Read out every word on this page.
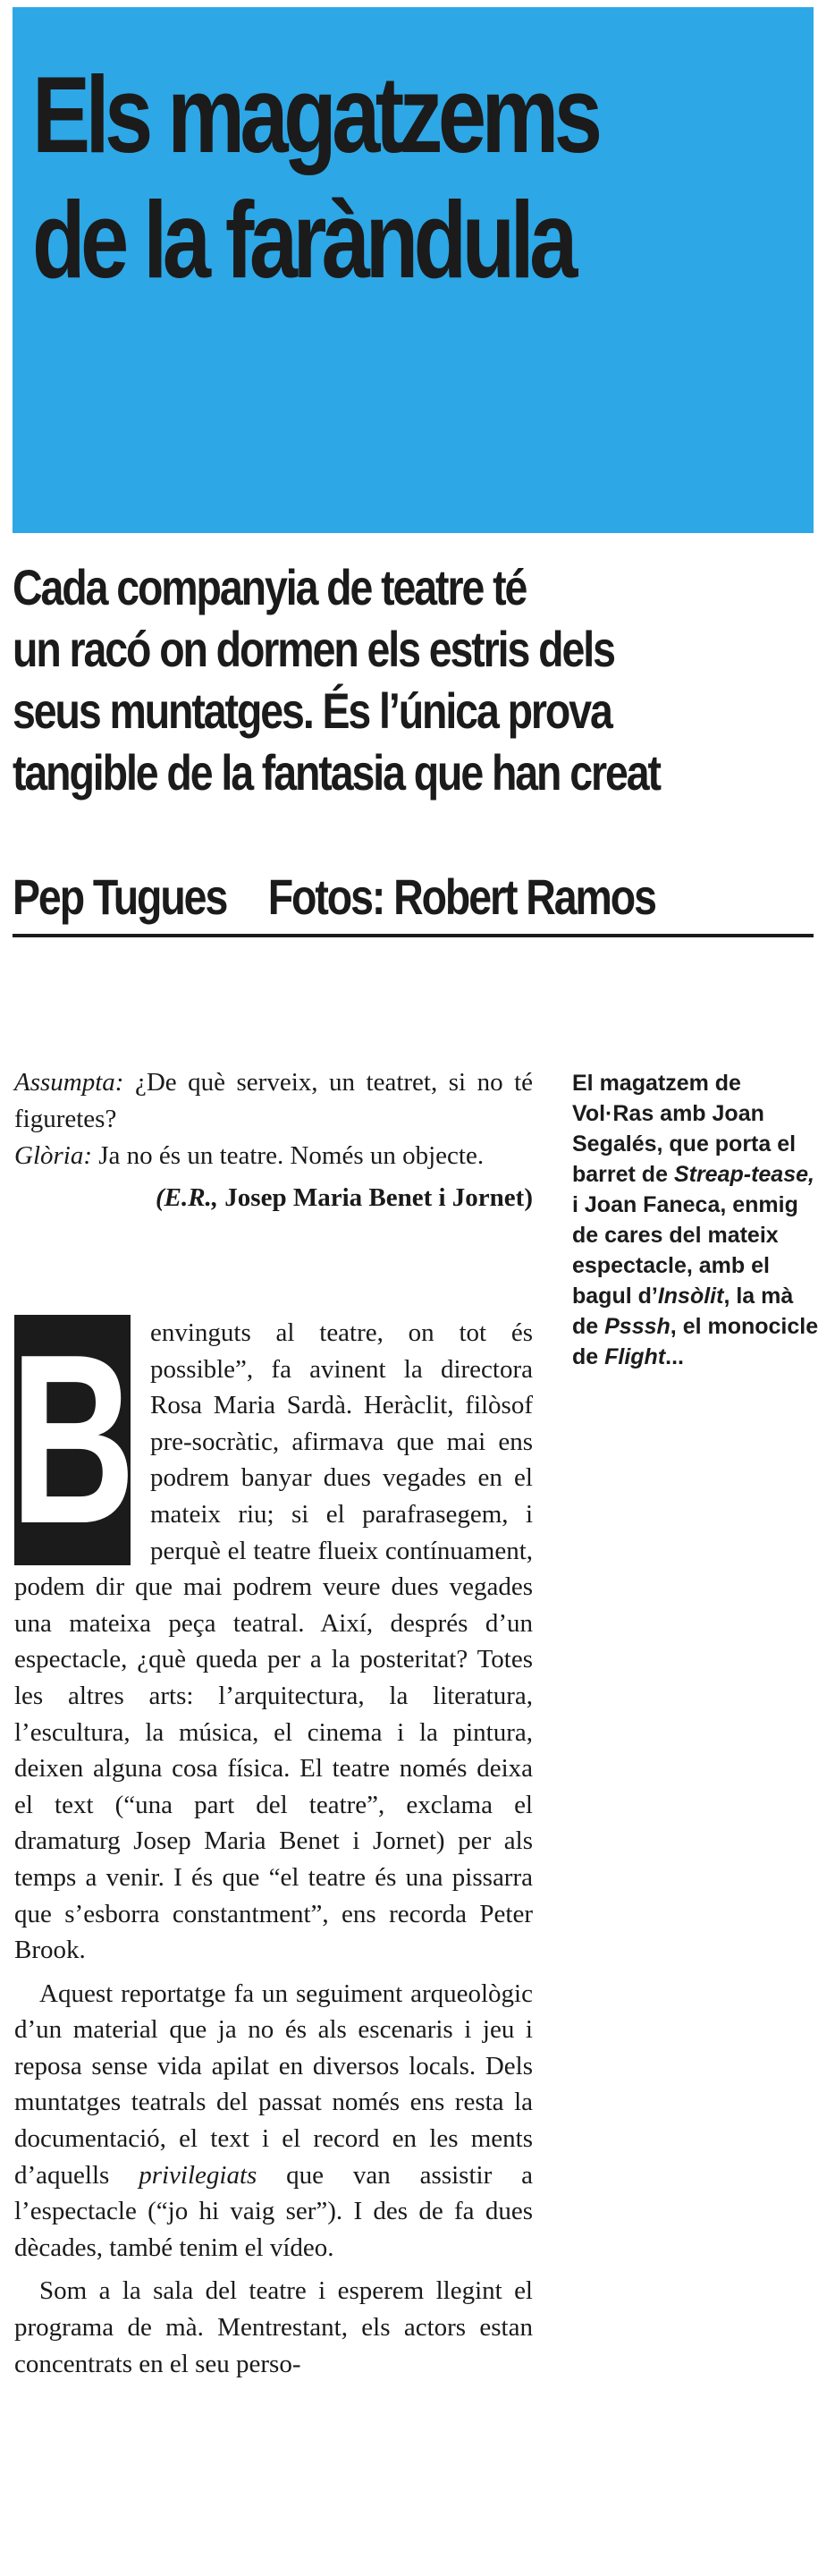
Els magatzems
de la faràndula
Cada companyia de teatre té
un racó on dormen els estris dels
seus muntatges. És l’única prova
tangible de la fantasia que han creat
Pep Tugues Fotos: Robert Ramos

Assumpta: ¿De què serveix, un teatret, si no té figuretes?

Glòria: Ja no és un teatre. Només un objecte.

(E.R., Josep Maria Benet i Jornet)

El magatzem de Vol·Ras amb Joan Segalés, que porta el barret de Streap-tease, i Joan Faneca, enmig de cares del mateix espectacle, amb el bagul d’Insòlit, la mà de Psssh, el monocicle de Flight...

B envinguts al teatre, on tot és possible”, fa avinent la directora Rosa Maria Sardà. Heràclit, filòsof pre-socràtic, afirmava que mai ens podrem banyar dues vegades en el mateix riu; si el parafrasegem, i perquè el teatre flueix contínuament, podem dir que mai podrem veure dues vegades una mateixa peça teatral. Així, després d’un espectacle, ¿què queda per a la posteritat? Totes les altres arts: l’arquitectura, la literatura, l’escultura, la música, el cinema i la pintura, deixen alguna cosa física. El teatre només deixa el text (“una part del teatre”, exclama el dramaturg Josep Maria Benet i Jornet) per als temps a venir. I és que “el teatre és una pissarra que s’esborra constantment”, ens recorda Peter Brook.

Aquest reportatge fa un seguiment arqueològic d’un material que ja no és als escenaris i jeu i reposa sense vida apilat en diversos locals. Dels muntatges teatrals del passat només ens resta la documentació, el text i el record en les ments d’aquells privilegiats que van assistir a l’espectacle (“jo hi vaig ser”). I des de fa dues dècades, també tenim el vídeo.

Som a la sala del teatre i esperem llegint el programa de mà. Mentrestant, els actors estan concentrats en el seu perso-
